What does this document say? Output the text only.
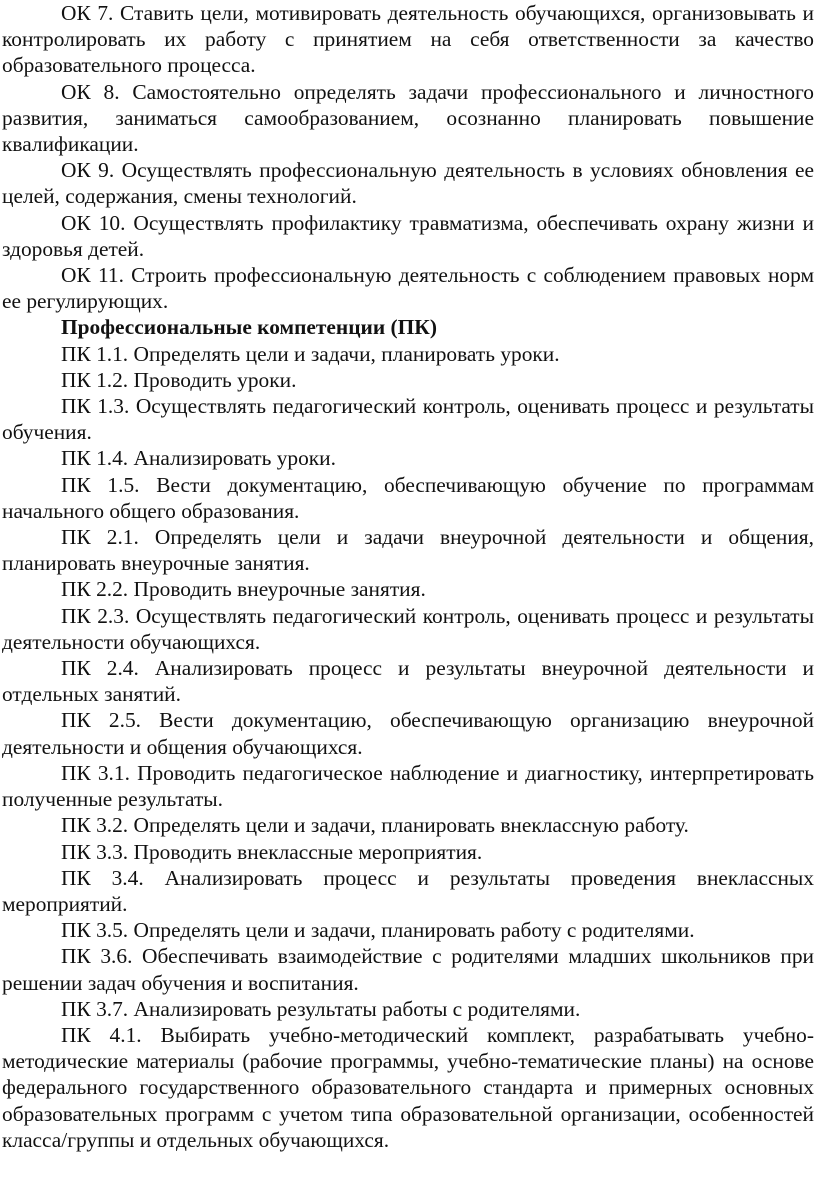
ОК 7. Ставить цели, мотивировать деятельность обучающихся, организовывать и контролировать их работу с принятием на себя ответственности за качество образовательного процесса.

ОК 8. Самостоятельно определять задачи профессионального и личностного развития, заниматься самообразованием, осознанно планировать повышение квалификации.

ОК 9. Осуществлять профессиональную деятельность в условиях обновления ее целей, содержания, смены технологий.

ОК 10. Осуществлять профилактику травматизма, обеспечивать охрану жизни и здоровья детей.

ОК 11. Строить профессиональную деятельность с соблюдением правовых норм ее регулирующих.

Профессиональные компетенции (ПК)

ПК 1.1. Определять цели и задачи, планировать уроки.

ПК 1.2. Проводить уроки.

ПК 1.3. Осуществлять педагогический контроль, оценивать процесс и результаты обучения.

ПК 1.4. Анализировать уроки.

ПК 1.5. Вести документацию, обеспечивающую обучение по программам начального общего образования.

ПК 2.1. Определять цели и задачи внеурочной деятельности и общения, планировать внеурочные занятия.

ПК 2.2. Проводить внеурочные занятия.

ПК 2.3. Осуществлять педагогический контроль, оценивать процесс и результаты деятельности обучающихся.

ПК 2.4. Анализировать процесс и результаты внеурочной деятельности и отдельных занятий.

ПК 2.5. Вести документацию, обеспечивающую организацию внеурочной деятельности и общения обучающихся.

ПК 3.1. Проводить педагогическое наблюдение и диагностику, интерпретировать полученные результаты.

ПК 3.2. Определять цели и задачи, планировать внеклассную работу.

ПК 3.3. Проводить внеклассные мероприятия.

ПК 3.4. Анализировать процесс и результаты проведения внеклассных мероприятий.

ПК 3.5. Определять цели и задачи, планировать работу с родителями.

ПК 3.6. Обеспечивать взаимодействие с родителями младших школьников при решении задач обучения и воспитания.

ПК 3.7. Анализировать результаты работы с родителями.

ПК 4.1. Выбирать учебно-методический комплект, разрабатывать учебно-методические материалы (рабочие программы, учебно-тематические планы) на основе федерального государственного образовательного стандарта и примерных основных образовательных программ с учетом типа образовательной организации, особенностей класса/группы и отдельных обучающихся.
